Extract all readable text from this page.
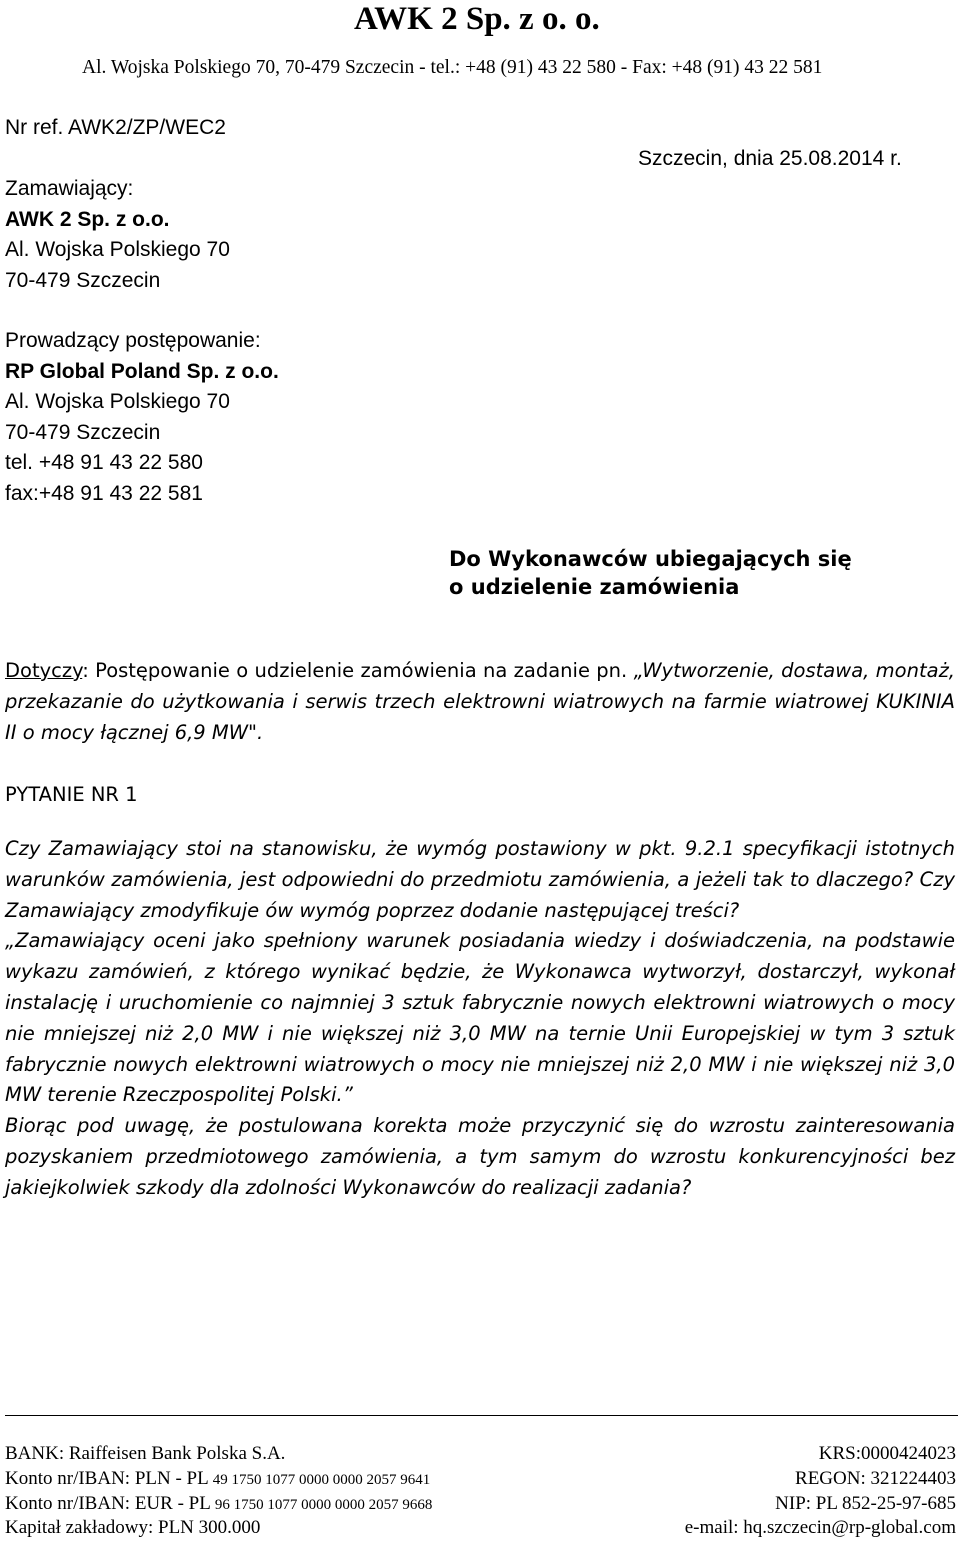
AWK 2 Sp. z o. o.
Al. Wojska Polskiego 70, 70-479 Szczecin - tel.: +48 (91) 43 22 580 - Fax: +48 (91) 43 22 581
Nr ref. AWK2/ZP/WEC2
Szczecin, dnia 25.08.2014 r.
Zamawiający:
AWK 2 Sp. z o.o.
Al. Wojska Polskiego 70
70-479 Szczecin
Prowadzący postępowanie:
RP Global Poland Sp. z o.o.
Al. Wojska Polskiego 70
70-479 Szczecin
tel. +48 91 43 22 580
fax:+48 91 43 22 581
Do Wykonawców ubiegających się
o udzielenie zamówienia
Dotyczy: Postępowanie o udzielenie zamówienia na zadanie pn. „Wytworzenie, dostawa, montaż, przekazanie do użytkowania i serwis trzech elektrowni wiatrowych na farmie wiatrowej KUKINIA II o mocy łącznej 6,9 MW".
PYTANIE NR 1
Czy Zamawiający stoi na stanowisku, że wymóg postawiony w pkt. 9.2.1 specyfikacji istotnych warunków zamówienia, jest odpowiedni do przedmiotu zamówienia, a jeżeli tak to dlaczego? Czy Zamawiający zmodyfikuje ów wymóg poprzez dodanie następującej treści?
„Zamawiający oceni jako spełniony warunek posiadania wiedzy i doświadczenia, na podstawie wykazu zamówień, z którego wynikać będzie, że Wykonawca wytworzył, dostarczył, wykonał instalację i uruchomienie co najmniej 3 sztuk fabrycznie nowych elektrowni wiatrowych o mocy nie mniejszej niż 2,0 MW i nie większej niż 3,0 MW na ternie Unii Europejskiej w tym 3 sztuk fabrycznie nowych elektrowni wiatrowych o mocy nie mniejszej niż 2,0 MW i nie większej niż 3,0 MW terenie Rzeczpospolitej Polski.”
Biorąc pod uwagę, że postulowana korekta może przyczynić się do wzrostu zainteresowania pozyskaniem przedmiotowego zamówienia, a tym samym do wzrostu konkurencyjności bez jakiejkolwiek szkody dla zdolności Wykonawców do realizacji zadania?
BANK: Raiffeisen Bank Polska S.A.
Konto nr/IBAN: PLN - PL 49 1750 1077 0000 0000 2057 9641
Konto nr/IBAN: EUR - PL 96 1750 1077 0000 0000 2057 9668
Kapitał zakładowy: PLN 300.000
KRS:0000424023
REGON: 321224403
NIP: PL 852-25-97-685
e-mail: hq.szczecin@rp-global.com
